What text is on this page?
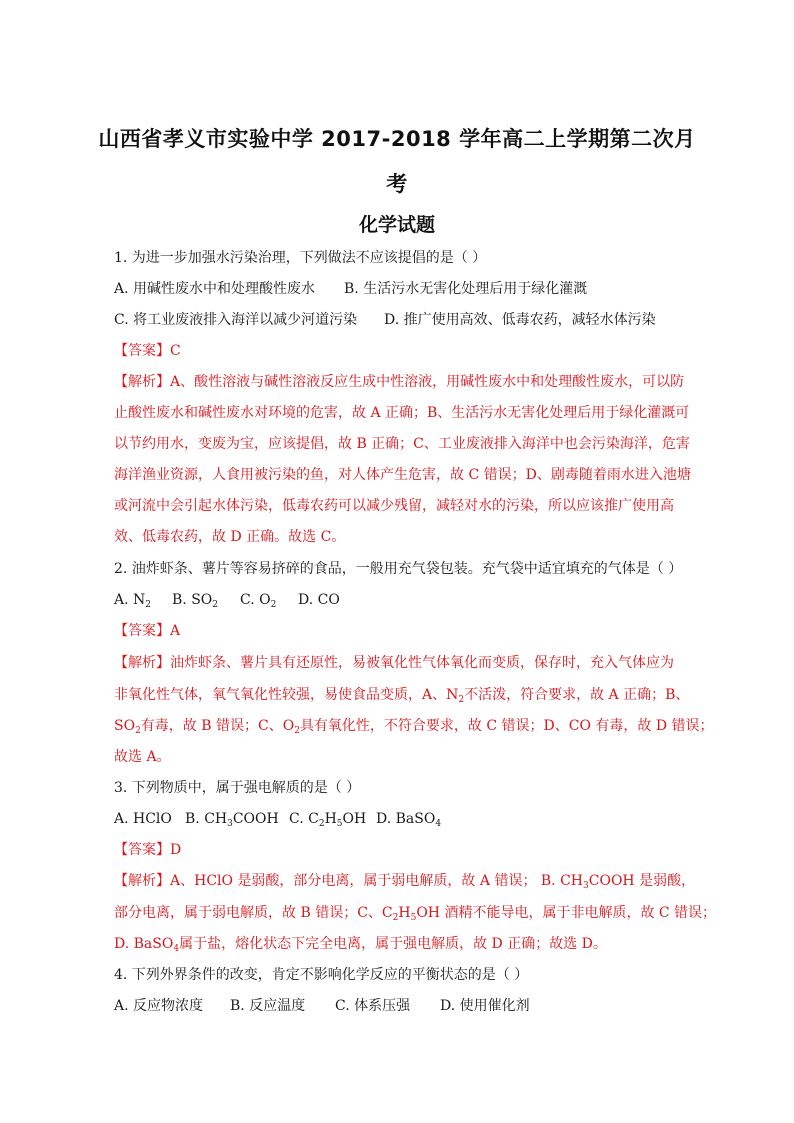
山西省孝义市实验中学 2017-2018 学年高二上学期第二次月
考
化学试题
1. 为进一步加强水污染治理，下列做法不应该提倡的是（ ）
A. 用碱性废水中和处理酸性废水 B. 生活污水无害化处理后用于绿化灌溉
C. 将工业废液排入海洋以减少河道污染 D. 推广使用高效、低毒农药，减轻水体污染
【答案】C
【解析】A、酸性溶液与碱性溶液反应生成中性溶液，用碱性废水中和处理酸性废水，可以防
止酸性废水和碱性废水对环境的危害，故 A 正确；B、生活污水无害化处理后用于绿化灌溉可
以节约用水，变废为宝，应该提倡，故 B 正确；C、工业废液排入海洋中也会污染海洋，危害
海洋渔业资源，人食用被污染的鱼，对人体产生危害，故 C 错误；D、剧毒随着雨水进入池塘
或河流中会引起水体污染，低毒农药可以减少残留，减轻对水的污染，所以应该推广使用高
效、低毒农药，故 D 正确。故选 C。
2. 油炸虾条、薯片等容易挤碎的食品，一般用充气袋包装。充气袋中适宜填充的气体是（ ）
A. $N_2$ B. $SO_2$ C. $O_2$ D. CO
【答案】A
【解析】油炸虾条、薯片具有还原性，易被氧化性气体氧化而变质，保存时，充入气体应为
非氧化性气体，氧气氧化性较强，易使食品变质，A、$N_2$不活泼，符合要求，故 A 正确；B、
$SO_2$有毒，故 B 错误；C、$O_2$具有氧化性，不符合要求，故 C 错误；D、CO 有毒，故 D 错误；
故选 A。
3. 下列物质中，属于强电解质的是（ ）
A. HClO B. $CH_3COOH$ C. $C_2H_5OH$ D. BaSO$_4$
【答案】D
【解析】A、HClO 是弱酸，部分电离，属于弱电解质，故 A 错误； B. $CH_3COOH$ 是弱酸，
部分电离，属于弱电解质，故 B 错误；C、$C_2H_5OH$ 酒精不能导电，属于非电解质，故 C 错误；
D. BaSO$_4$属于盐，熔化状态下完全电离，属于强电解质，故 D 正确；故选 D。
4. 下列外界条件的改变，肯定不影响化学反应的平衡状态的是（ ）
A. 反应物浓度 B. 反应温度 C. 体系压强 D. 使用催化剂
